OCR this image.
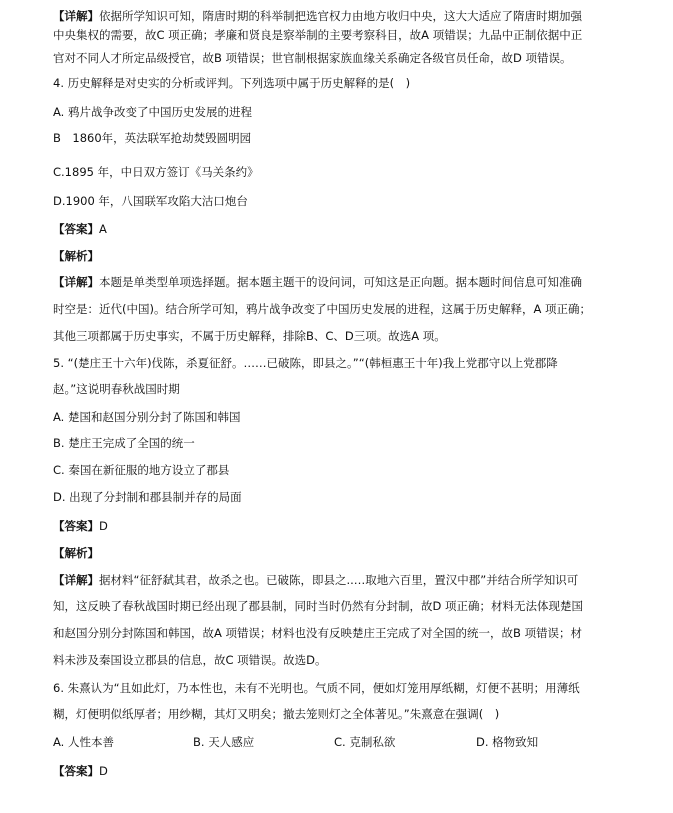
【详解】依据所学知识可知，隋唐时期的科举制把选官权力由地方收归中央，这大大适应了隋唐时期加强
中央集权的需要，故C 项正确；孝廉和贤良是察举制的主要考察科目，故A 项错误；九品中正制依据中正
官对不同人才所定品级授官，故B 项错误；世官制根据家族血缘关系确定各级官员任命，故D 项错误。
4. 历史解释是对史实的分析或评判。下列选项中属于历史解释的是(　)
A. 鸦片战争改变了中国历史发展的进程
B　1860年，英法联军抢劫焚毁圆明园
C.1895 年，中日双方签订《马关条约》
D.1900 年，八国联军攻陷大沽口炮台
【答案】A
【解析】
【详解】本题是单类型单项选择题。据本题主题干的设问词，可知这是正向题。据本题时间信息可知准确
时空是：近代(中国)。结合所学可知，鸦片战争改变了中国历史发展的进程，这属于历史解释，A 项正确；
其他三项都属于历史事实，不属于历史解释，排除B、C、D三项。故选A 项。
5. “(楚庄王十六年)伐陈，杀夏征舒。……已破陈，即县之。”“(韩桓惠王十年)我上党郡守以上党郡降
赵。”这说明春秋战国时期
A. 楚国和赵国分别分封了陈国和韩国
B. 楚庄王完成了全国的统一
C. 秦国在新征服的地方设立了郡县
D. 出现了分封制和郡县制并存的局面
【答案】D
【解析】
【详解】据材料“征舒弑其君，故杀之也。已破陈，即县之..…取地六百里，置汉中郡”并结合所学知识可
知，这反映了春秋战国时期已经出现了郡县制，同时当时仍然有分封制，故D 项正确；材料无法体现楚国
和赵国分别分封陈国和韩国，故A 项错误；材料也没有反映楚庄王完成了对全国的统一，故B 项错误；材
料未涉及秦国设立郡县的信息，故C 项错误。故选D。
6. 朱熹认为“且如此灯，乃本性也，未有不光明也。气质不同，便如灯笼用厚纸糊，灯便不甚明；用薄纸
糊，灯便明似纸厚者；用纱糊，其灯又明矣；撤去笼则灯之全体著见。”朱熹意在强调(　)
A. 人性本善	B. 天人感应	C. 克制私欲	D. 格物致知
【答案】D
